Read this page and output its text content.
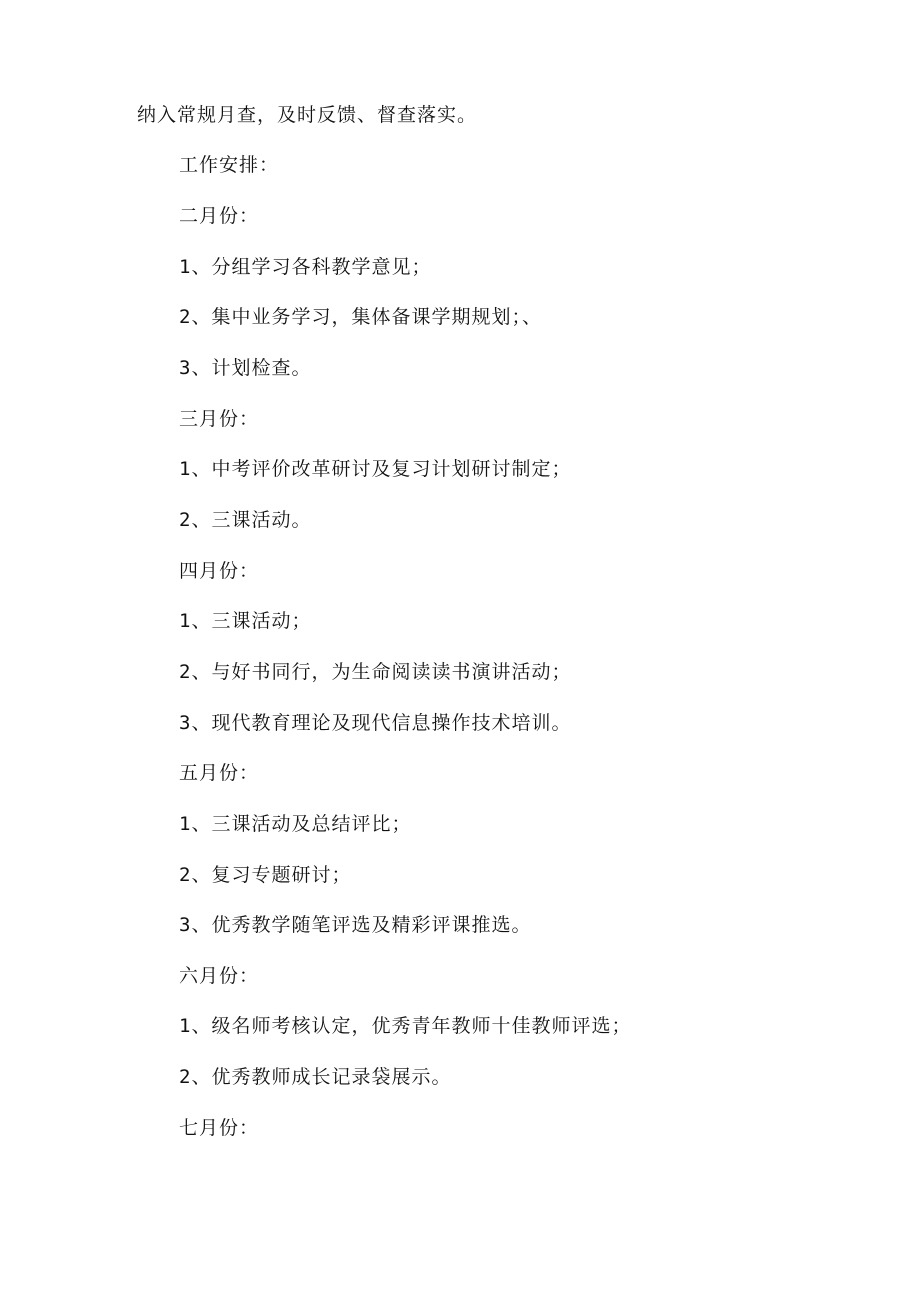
纳入常规月查，及时反馈、督查落实。

工作安排：

二月份：

1、分组学习各科教学意见；

2、集中业务学习，集体备课学期规划；、

3、计划检查。

三月份：

1、中考评价改革研讨及复习计划研讨制定；

2、三课活动。

四月份：

1、三课活动；

2、与好书同行，为生命阅读读书演讲活动；

3、现代教育理论及现代信息操作技术培训。

五月份：

1、三课活动及总结评比；

2、复习专题研讨；

3、优秀教学随笔评选及精彩评课推选。

六月份：

1、级名师考核认定，优秀青年教师十佳教师评选；

2、优秀教师成长记录袋展示。

七月份：
